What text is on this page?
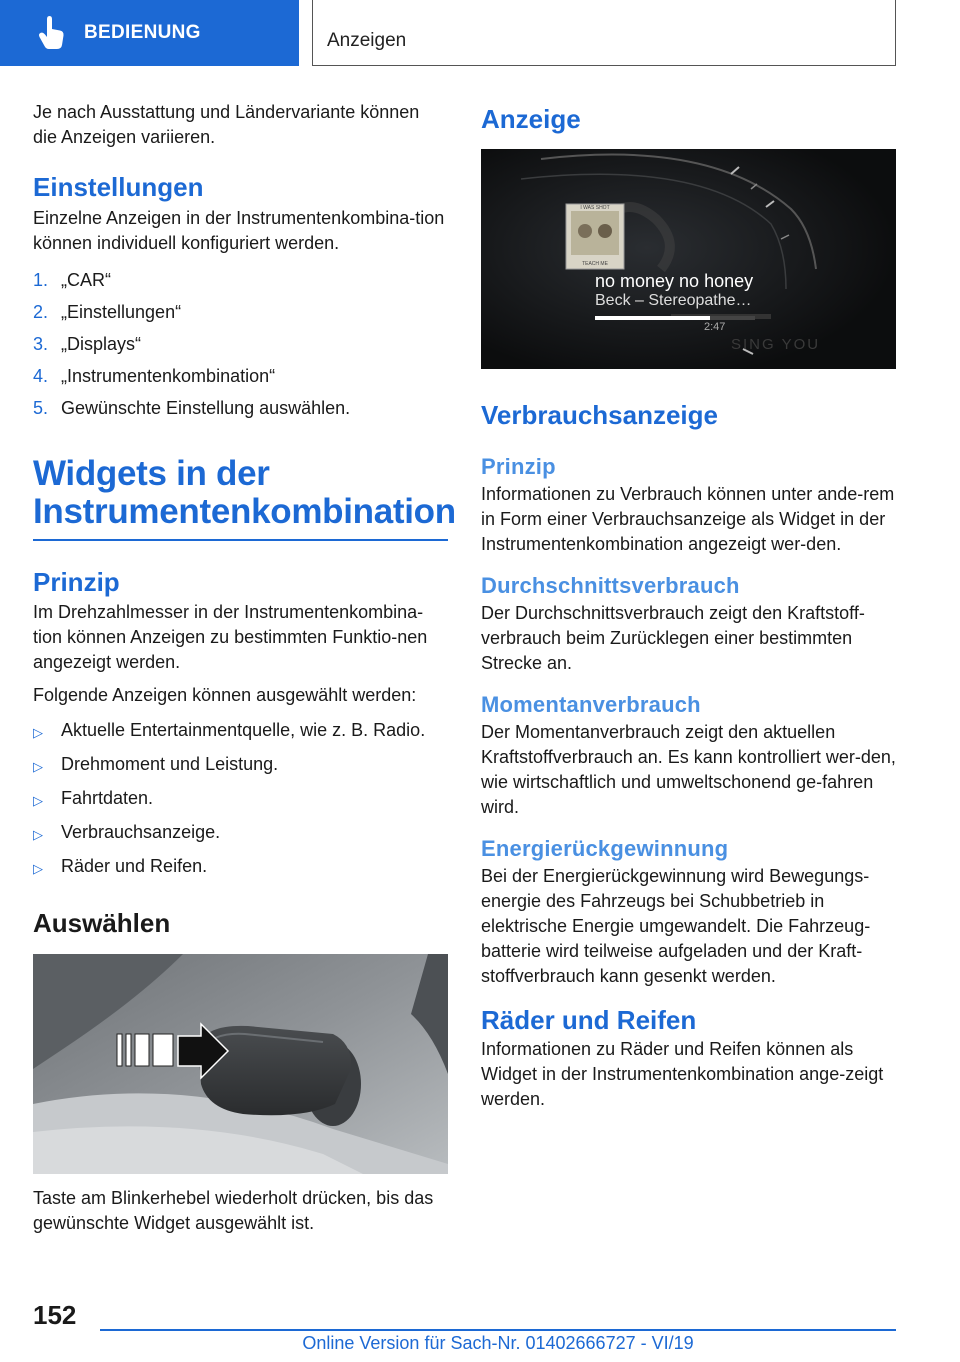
BEDIENUNG	Anzeigen

Je nach Ausstattung und Ländervariante können die Anzeigen variieren.

Einstellungen

Einzelne Anzeigen in der Instrumentenkombina‐tion können individuell konfiguriert werden.

1. „CAR“
2. „Einstellungen“
3. „Displays“
4. „Instrumentenkombination“
5. Gewünschte Einstellung auswählen.
Widgets in der
Instrumentenkombination
Prinzip

Im Drehzahlmesser in der Instrumentenkombina‐tion können Anzeigen zu bestimmten Funktio‐nen angezeigt werden.

Folgende Anzeigen können ausgewählt werden:

▷	Aktuelle Entertainmentquelle, wie z. B. Radio.
▷	Drehmoment und Leistung.
▷	Fahrtdaten.
▷	Verbrauchsanzeige.
▷	Räder und Reifen.
Auswählen

Taste am Blinkerhebel wiederholt drücken, bis das gewünschte Widget ausgewählt ist.

Anzeige
TEACH ME
I WAS SHOT
SING YOU
no money no honey
Beck – Stereopathe…
2:47
Verbrauchsanzeige
Prinzip

Informationen zu Verbrauch können unter ande‐rem in Form einer Verbrauchsanzeige als Widget in der Instrumentenkombination angezeigt wer‐den.

Durchschnittsverbrauch

Der Durchschnittsverbrauch zeigt den Kraftstoff‐verbrauch beim Zurücklegen einer bestimmten Strecke an.

Momentanverbrauch

Der Momentanverbrauch zeigt den aktuellen Kraftstoffverbrauch an. Es kann kontrolliert wer‐den, wie wirtschaftlich und umweltschonend ge‐fahren wird.

Energierückgewinnung

Bei der Energierückgewinnung wird Bewegungs‐energie des Fahrzeugs bei Schubbetrieb in elektrische Energie umgewandelt. Die Fahrzeug‐batterie wird teilweise aufgeladen und der Kraft‐stoffverbrauch kann gesenkt werden.

Räder und Reifen

Informationen zu Räder und Reifen können als Widget in der Instrumentenkombination ange‐zeigt werden.

152
Online Version für Sach-Nr. 01402666727 - VI/19
